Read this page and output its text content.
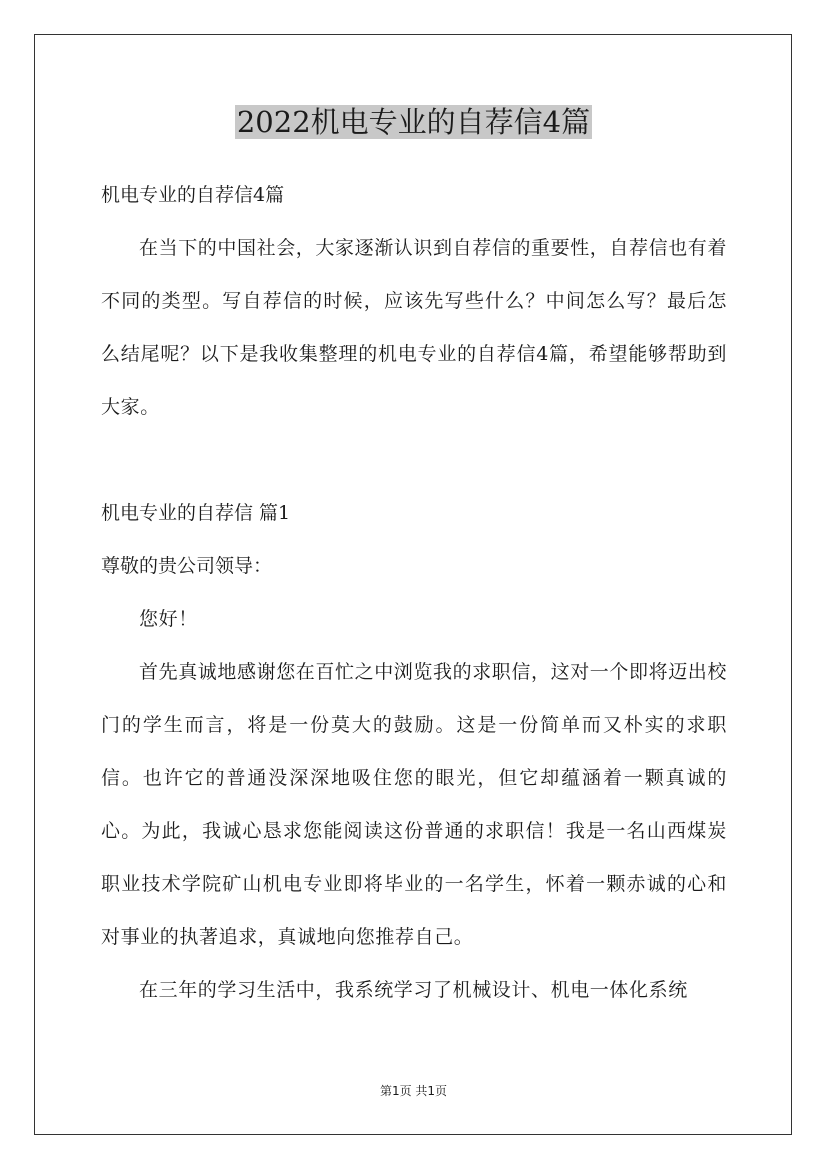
2022机电专业的自荐信4篇
机电专业的自荐信4篇
在当下的中国社会，大家逐渐认识到自荐信的重要性，自荐信也有着不同的类型。写自荐信的时候，应该先写些什么？中间怎么写？最后怎么结尾呢？以下是我收集整理的机电专业的自荐信4篇，希望能够帮助到大家。
机电专业的自荐信 篇1
尊敬的贵公司领导：
您好！
首先真诚地感谢您在百忙之中浏览我的求职信，这对一个即将迈出校门的学生而言，将是一份莫大的鼓励。这是一份简单而又朴实的求职信。也许它的普通没深深地吸住您的眼光，但它却蕴涵着一颗真诚的心。为此，我诚心恳求您能阅读这份普通的求职信！我是一名山西煤炭职业技术学院矿山机电专业即将毕业的一名学生，怀着一颗赤诚的心和对事业的执著追求，真诚地向您推荐自己。
在三年的学习生活中，我系统学习了机械设计、机电一体化系统
第1页 共1页
